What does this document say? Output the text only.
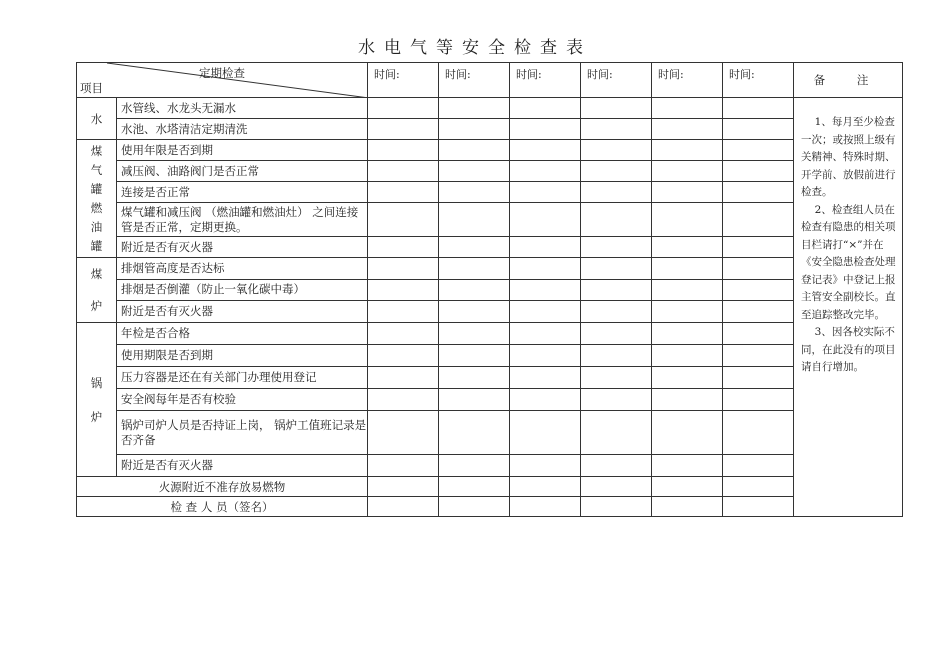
水电气等安全检查表
定期检查
项目		时间:	时间:	时间:	时间:	时间:	时间:	备 注	
水	水管线、水龙头无漏水							1、每月至少检查一次；或按照上级有关精神、特殊时期、开学前、放假前进行检查。

2、检查组人员在检查有隐患的相关项目栏请打“×”并在《安全隐患检查处理登记表》中登记上报主管安全副校长。直至追踪整改完毕。

3、因各校实际不同，在此没有的项目请自行增加。	

	水池、水塔清洁定期清洗								
煤气罐燃油罐	使用年限是否到期								
	减压阀、油路阀门是否正常								
	连接是否正常								
	煤气罐和减压阀 （燃油罐和燃油灶） 之间连接管是否正常，定期更换。								
	附近是否有灭火器								
煤炉	排烟管高度是否达标								
	排烟是否倒灌（防止一氧化碳中毒）								
	附近是否有灭火器								
锅炉	年检是否合格								
	使用期限是否到期								
	压力容器是还在有关部门办理使用登记								
	安全阀每年是否有校验								
	锅炉司炉人员是否持证上岗， 锅炉工值班记录是否齐备								
	附近是否有灭火器								
火源附近不准存放易燃物									
检 查 人 员（签名）									
